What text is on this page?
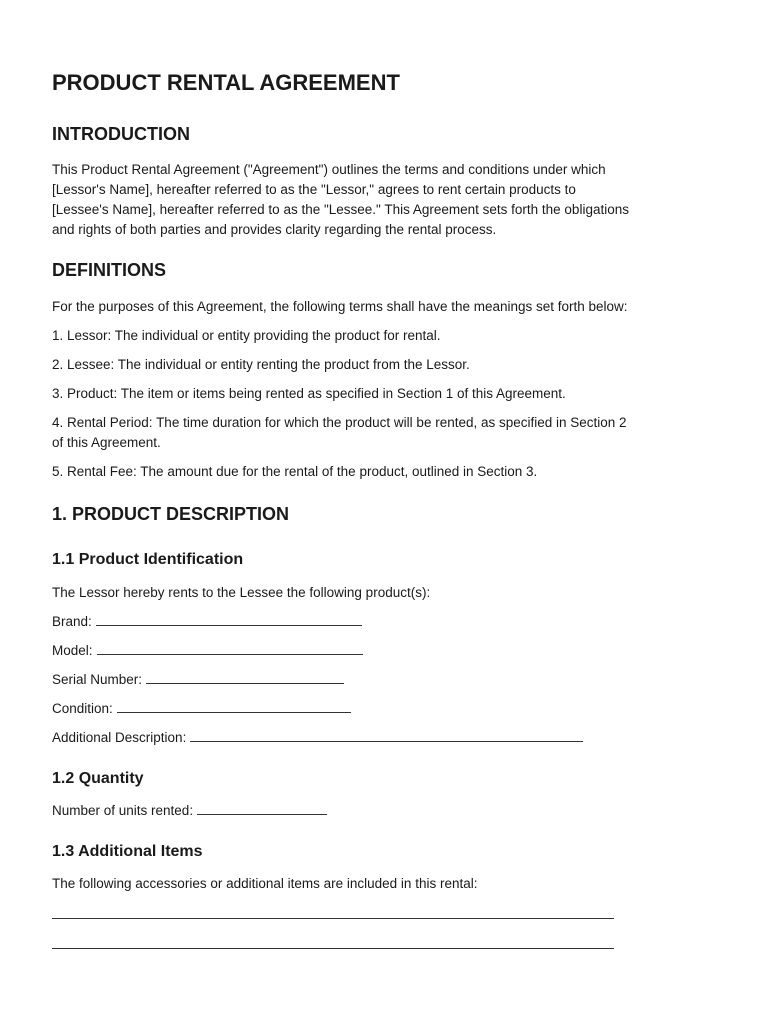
PRODUCT RENTAL AGREEMENT
INTRODUCTION

This Product Rental Agreement ("Agreement") outlines the terms and conditions under which

[Lessor's Name], hereafter referred to as the "Lessor," agrees to rent certain products to

[Lessee's Name], hereafter referred to as the "Lessee." This Agreement sets forth the obligations

and rights of both parties and provides clarity regarding the rental process.

DEFINITIONS

For the purposes of this Agreement, the following terms shall have the meanings set forth below:

1. Lessor: The individual or entity providing the product for rental.

2. Lessee: The individual or entity renting the product from the Lessor.

3. Product: The item or items being rented as specified in Section 1 of this Agreement.

4. Rental Period: The time duration for which the product will be rented, as specified in Section 2

of this Agreement.

5. Rental Fee: The amount due for the rental of the product, outlined in Section 3.

1. PRODUCT DESCRIPTION
1.1 Product Identification

The Lessor hereby rents to the Lessee the following product(s):

Brand:

Model:

Serial Number:

Condition:

Additional Description:

1.2 Quantity

Number of units rented:

1.3 Additional Items

The following accessories or additional items are included in this rental:
